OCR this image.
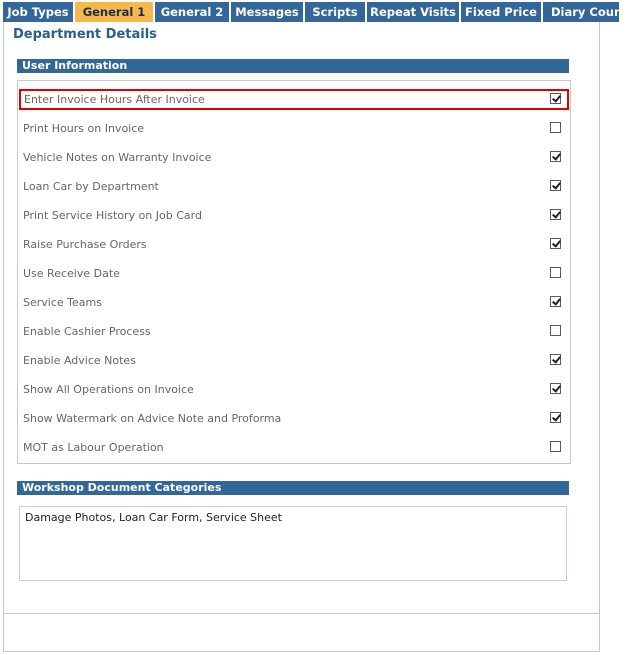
Job Types	General 1	General 2	Messages	Scripts	Repeat Visits Fixed Price	Diary Counts
Department Details
User Information
Enter Invoice Hours After Invoice
Print Hours on Invoice
Vehicle Notes on Warranty Invoice
Loan Car by Department
Print Service History on Job Card
Raise Purchase Orders
Use Receive Date
Service Teams
Enable Cashier Process
Enable Advice Notes
Show All Operations on Invoice
Show Watermark on Advice Note and Proforma
MOT as Labour Operation
Workshop Document Categories
Damage Photos, Loan Car Form, Service Sheet
